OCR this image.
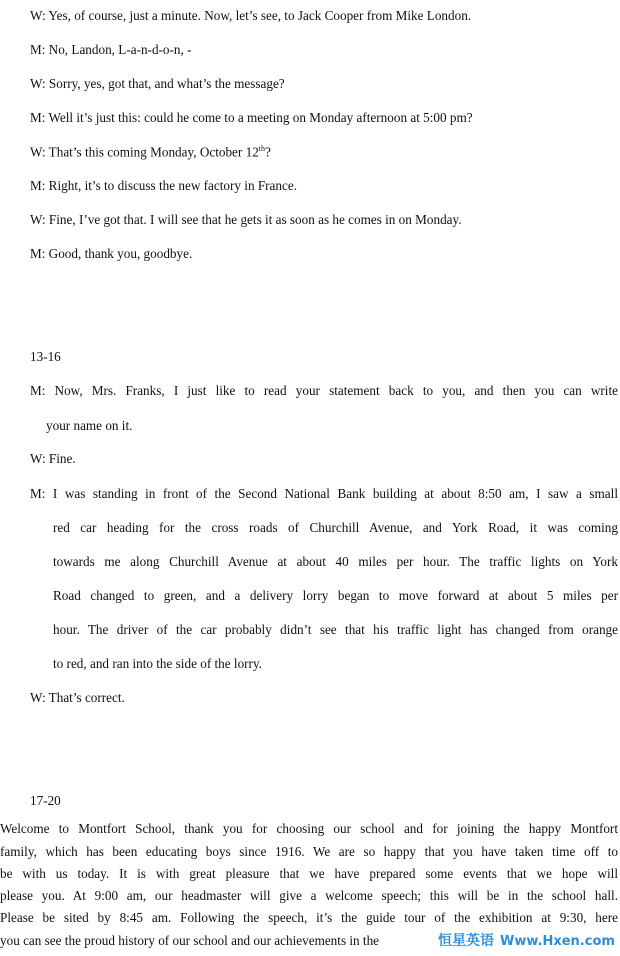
W: Yes, of course, just a minute. Now, let’s see, to Jack Cooper from Mike London.
M: No, Landon, L-a-n-d-o-n, -
W: Sorry, yes, got that, and what’s the message?
M: Well it’s just this: could he come to a meeting on Monday afternoon at 5:00 pm?
W: That’s this coming Monday, October 12th?
M: Right, it’s to discuss the new factory in France.
W: Fine, I’ve got that. I will see that he gets it as soon as he comes in on Monday.
M: Good, thank you, goodbye.
13-16
M: Now, Mrs. Franks, I just like to read your statement back to you, and then you can write
your name on it.
W: Fine.
M: I was standing in front of the Second National Bank building at about 8:50 am, I saw a small
red car heading for the cross roads of Churchill Avenue, and York Road, it was coming
towards me along Churchill Avenue at about 40 miles per hour. The traffic lights on York
Road changed to green, and a delivery lorry began to move forward at about 5 miles per
hour. The driver of the car probably didn’t see that his traffic light has changed from orange
to red, and ran into the side of the lorry.
W: That’s correct.
17-20
Welcome to Montfort School, thank you for choosing our school and for joining the happy Montfort
family, which has been educating boys since 1916. We are so happy that you have taken time off to
be with us today. It is with great pleasure that we have prepared some events that we hope will
please you. At 9:00 am, our headmaster will give a welcome speech; this will be in the school hall.
Please be sited by 8:45 am. Following the speech, it’s the guide tour of the exhibition at 9:30, here
you can see the proud history of our school and our achievements in the	恒星英语 Www.Hxen.com
